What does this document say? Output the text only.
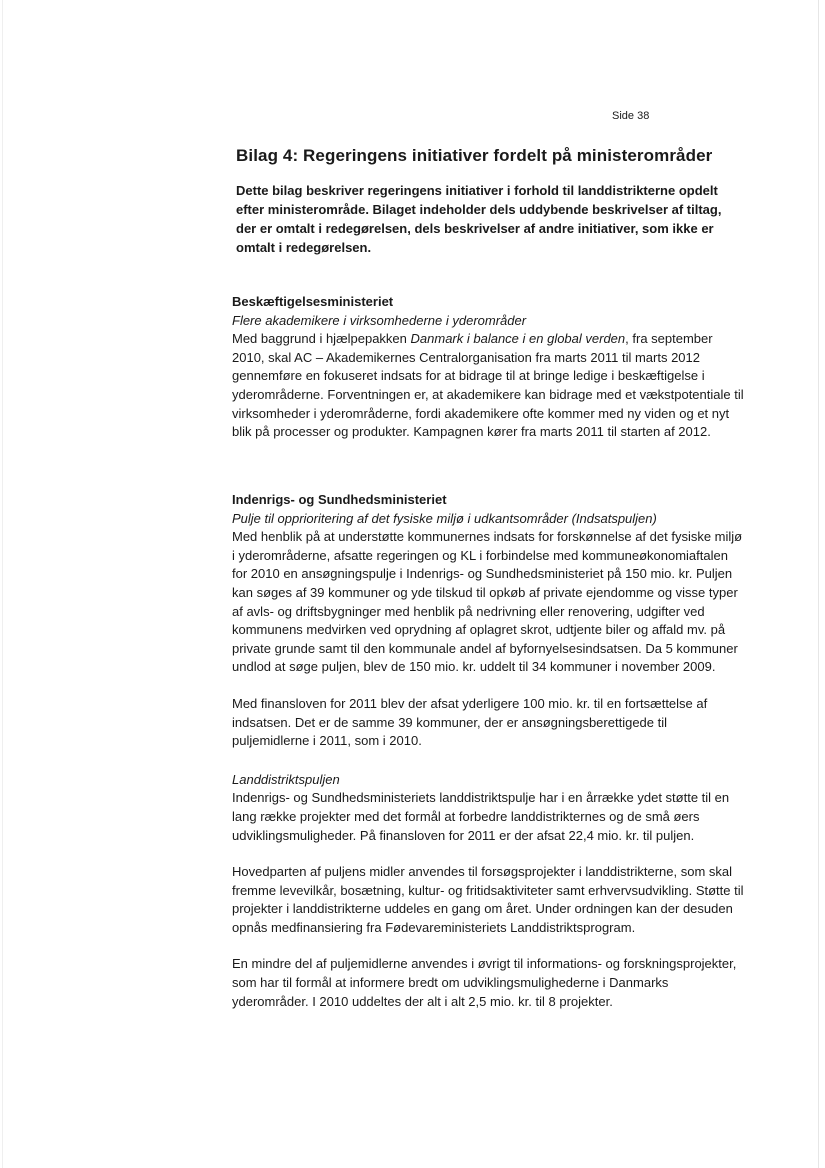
Side 38
Bilag 4: Regeringens initiativer fordelt på ministerområder

Dette bilag beskriver regeringens initiativer i forhold til landdistrikterne opdelt efter ministerområde. Bilaget indeholder dels uddybende beskrivelser af tiltag, der er omtalt i redegørelsen, dels beskrivelser af andre initiativer, som ikke er omtalt i redegørelsen.

Beskæftigelsesministeriet

Flere akademikere i virksomhederne i yderområder

Med baggrund i hjælpepakken Danmark i balance i en global verden, fra september 2010, skal AC – Akademikernes Centralorganisation fra marts 2011 til marts 2012 gennemføre en fokuseret indsats for at bidrage til at bringe ledige i beskæftigelse i yderområderne. Forventningen er, at akademikere kan bidrage med et vækstpotentiale til virksomheder i yderområderne, fordi akademikere ofte kommer med ny viden og et nyt blik på processer og produkter. Kampagnen kører fra marts 2011 til starten af 2012.

Indenrigs- og Sundhedsministeriet

Pulje til opprioritering af det fysiske miljø i udkantsområder (Indsatspuljen)

Med henblik på at understøtte kommunernes indsats for forskønnelse af det fysiske miljø i yderområderne, afsatte regeringen og KL i forbindelse med kommuneøkonomiaftalen for 2010 en ansøgningspulje i Indenrigs- og Sundhedsministeriet på 150 mio. kr. Puljen kan søges af 39 kommuner og yde tilskud til opkøb af private ejendomme og visse typer af avls- og driftsbygninger med henblik på nedrivning eller renovering, udgifter ved kommunens medvirken ved oprydning af oplagret skrot, udtjente biler og affald mv. på private grunde samt til den kommunale andel af byfornyelsesindsatsen. Da 5 kommuner undlod at søge puljen, blev de 150 mio. kr. uddelt til 34 kommuner i november 2009.

Med finansloven for 2011 blev der afsat yderligere 100 mio. kr. til en fortsættelse af indsatsen. Det er de samme 39 kommuner, der er ansøgningsberettigede til puljemidlerne i 2011, som i 2010.

Landdistriktspuljen

Indenrigs- og Sundhedsministeriets landdistriktspulje har i en årrække ydet støtte til en lang række projekter med det formål at forbedre landdistrikternes og de små øers udviklingsmuligheder. På finansloven for 2011 er der afsat 22,4 mio. kr. til puljen.

Hovedparten af puljens midler anvendes til forsøgsprojekter i landdistrikterne, som skal fremme levevilkår, bosætning, kultur- og fritidsaktiviteter samt erhvervsudvikling. Støtte til projekter i landdistrikterne uddeles en gang om året. Under ordningen kan der desuden opnås medfinansiering fra Fødevareministeriets Landdistriktsprogram.

En mindre del af puljemidlerne anvendes i øvrigt til informations- og forskningsprojekter, som har til formål at informere bredt om udviklingsmulighederne i Danmarks yderområder. I 2010 uddeltes der alt i alt 2,5 mio. kr. til 8 projekter.
